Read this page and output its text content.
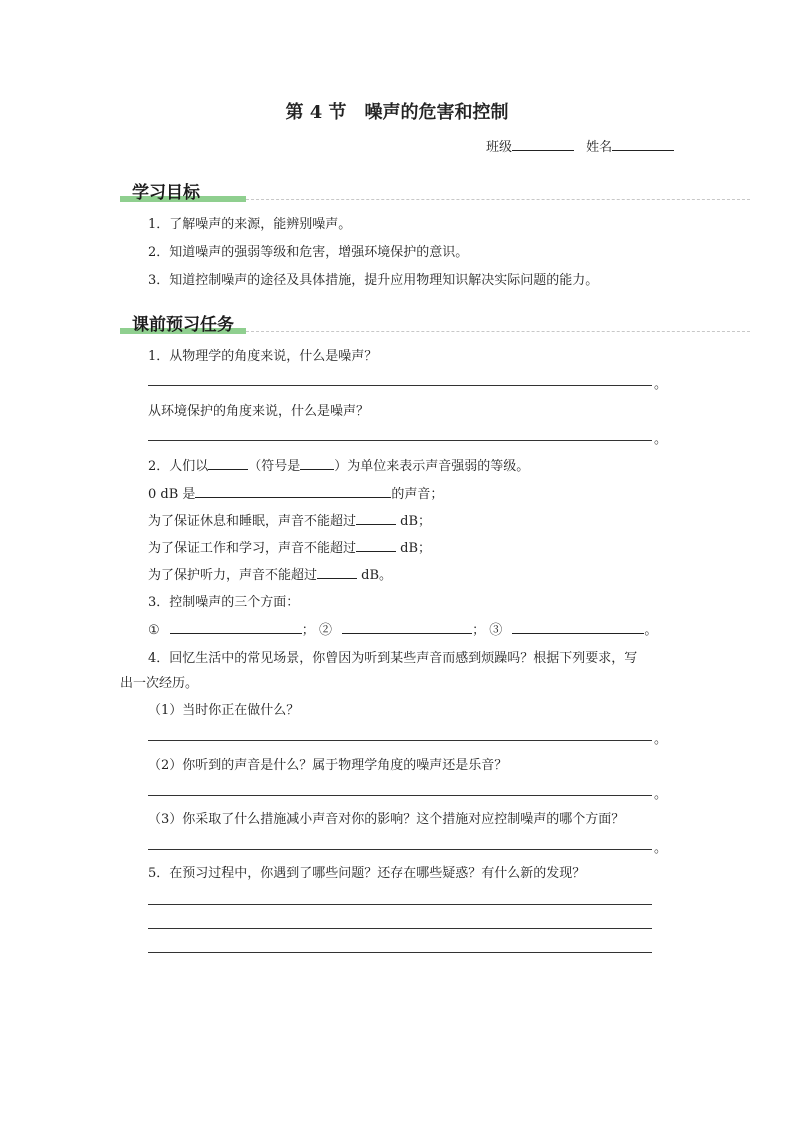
第 4 节　噪声的危害和控制
班级	姓名
学习目标
1．了解噪声的来源，能辨别噪声。
2．知道噪声的强弱等级和危害，增强环境保护的意识。
3．知道控制噪声的途径及具体措施，提升应用物理知识解决实际问题的能力。
课前预习任务
1．从物理学的角度来说，什么是噪声？
。
从环境保护的角度来说，什么是噪声？
。
2．人们以	（符号是	）为单位来表示声音强弱的等级。
0 dB 是	的声音；
为了保证休息和睡眠，声音不能超过	dB；
为了保证工作和学习，声音不能超过	dB；
为了保护听力，声音不能超过	dB。
3．控制噪声的三个方面：
①	； ②	； ③	。
4．回忆生活中的常见场景，你曾因为听到某些声音而感到烦躁吗？根据下列要求，写
出一次经历。
（1）当时你正在做什么？
。
（2）你听到的声音是什么？属于物理学角度的噪声还是乐音？
。
（3）你采取了什么措施减小声音对你的影响？这个措施对应控制噪声的哪个方面？
。
5．在预习过程中，你遇到了哪些问题？还存在哪些疑惑？有什么新的发现？
